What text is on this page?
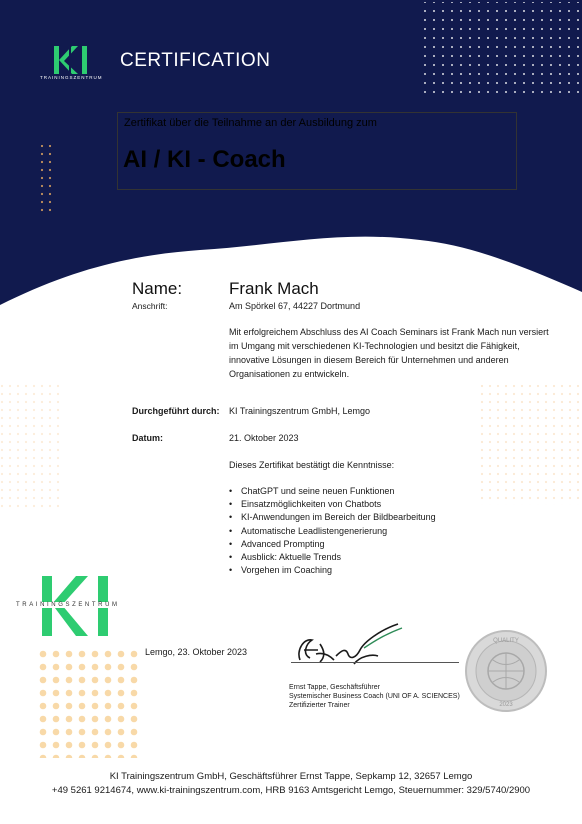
TRAININGSZENTRUM
CERTIFICATION
Zertifikat über die Teilnahme an der Ausbildung zum
AI / KI - Coach
Name:	Frank Mach
Anschrift:	Am Spörkel 67, 44227 Dortmund
Mit erfolgreichem Abschluss des AI Coach Seminars ist Frank Mach nun versiert im Umgang mit verschiedenen KI-Technologien und besitzt die Fähigkeit, innovative Lösungen in diesem Bereich für Unternehmen und anderen Organisationen zu entwickeln.
Durchgeführt durch: KI Trainingszentrum GmbH, Lemgo
Datum:	21. Oktober 2023
Dieses Zertifikat bestätigt die Kenntnisse:
• ChatGPT und seine neuen Funktionen
• Einsatzmöglichkeiten von Chatbots
• KI-Anwendungen im Bereich der Bildbearbeitung
• Automatische Leadlistengenerierung
• Advanced Prompting
• Ausblick: Aktuelle Trends
• Vorgehen im Coaching
TRAININGSZENTRUM
Lemgo, 23. Oktober 2023
Ernst Tappe, Geschäftsführer
Systemischer Business Coach (UNI OF A. SCIENCES)
Zertifizierter Trainer
QUALITY
2023
KI Trainingszentrum GmbH, Geschäftsführer Ernst Tappe, Sepkamp 12, 32657 Lemgo
+49 5261 9214674, www.ki-trainingszentrum.com, HRB 9163 Amtsgericht Lemgo, Steuernummer: 329/5740/2900
